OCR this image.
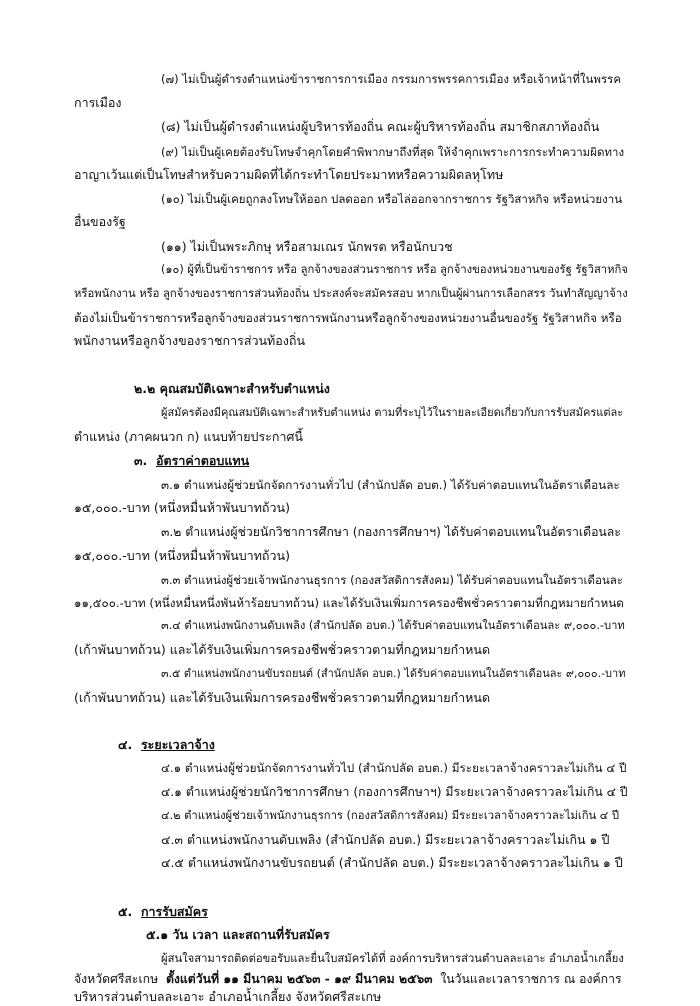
(๗) ไม่เป็นผู้ดำรงตำแหน่งข้าราชการการเมือง กรรมการพรรคการเมือง หรือเจ้าหน้าที่ในพรรค
การเมือง
(๘) ไม่เป็นผู้ดำรงตำแหน่งผู้บริหารท้องถิ่น คณะผู้บริหารท้องถิ่น สมาชิกสภาท้องถิ่น
(๙) ไม่เป็นผู้เคยต้องรับโทษจำคุกโดยคำพิพากษาถึงที่สุด ให้จำคุกเพราะการกระทำความผิดทาง
อาญาเว้นแต่เป็นโทษสำหรับความผิดที่ได้กระทำโดยประมาทหรือความผิดลหุโทษ
(๑๐) ไม่เป็นผู้เคยถูกลงโทษให้ออก ปลดออก หรือไล่ออกจากราชการ รัฐวิสาหกิจ หรือหน่วยงาน
อื่นของรัฐ
(๑๑) ไม่เป็นพระภิกษุ หรือสามเณร นักพรต หรือนักบวช
(๑๐) ผู้ที่เป็นข้าราชการ หรือ ลูกจ้างของส่วนราชการ หรือ ลูกจ้างของหน่วยงานของรัฐ รัฐวิสาหกิจ
หรือพนักงาน หรือ ลูกจ้างของราชการส่วนท้องถิ่น ประสงค์จะสมัครสอบ หากเป็นผู้ผ่านการเลือกสรร วันทำสัญญาจ้าง
ต้องไม่เป็นข้าราชการหรือลูกจ้างของส่วนราชการพนักงานหรือลูกจ้างของหน่วยงานอื่นของรัฐ รัฐวิสาหกิจ หรือ
พนักงานหรือลูกจ้างของราชการส่วนท้องถิ่น
๒.๒ คุณสมบัติเฉพาะสำหรับตำแหน่ง
ผู้สมัครต้องมีคุณสมบัติเฉพาะสำหรับตำแหน่ง ตามที่ระบุไว้ในรายละเอียดเกี่ยวกับการรับสมัครแต่ละ
ตำแหน่ง (ภาคผนวก ก) แนบท้ายประกาศนี้
๓. อัตราค่าตอบแทน
๓.๑ ตำแหน่งผู้ช่วยนักจัดการงานทั่วไป (สำนักปลัด อบต.) ได้รับค่าตอบแทนในอัตราเดือนละ
๑๕,๐๐๐.-บาท (หนึ่งหมื่นห้าพันบาทถ้วน)
๓.๒ ตำแหน่งผู้ช่วยนักวิชาการศึกษา (กองการศึกษาฯ) ได้รับค่าตอบแทนในอัตราเดือนละ
๑๕,๐๐๐.-บาท (หนึ่งหมื่นห้าพันบาทถ้วน)
๓.๓ ตำแหน่งผู้ช่วยเจ้าพนักงานธุรการ (กองสวัสดิการสังคม) ได้รับค่าตอบแทนในอัตราเดือนละ
๑๑,๕๐๐.-บาท (หนึ่งหมื่นหนึ่งพันห้าร้อยบาทถ้วน) และได้รับเงินเพิ่มการครองชีพชั่วคราวตามที่กฎหมายกำหนด
๓.๔ ตำแหน่งพนักงานดับเพลิง (สำนักปลัด อบต.) ได้รับค่าตอบแทนในอัตราเดือนละ ๙,๐๐๐.-บาท
(เก้าพันบาทถ้วน) และได้รับเงินเพิ่มการครองชีพชั่วคราวตามที่กฎหมายกำหนด
๓.๕ ตำแหน่งพนักงานขับรถยนต์ (สำนักปลัด อบต.) ได้รับค่าตอบแทนในอัตราเดือนละ ๙,๐๐๐.-บาท
(เก้าพันบาทถ้วน) และได้รับเงินเพิ่มการครองชีพชั่วคราวตามที่กฎหมายกำหนด
๔. ระยะเวลาจ้าง
๔.๑ ตำแหน่งผู้ช่วยนักจัดการงานทั่วไป (สำนักปลัด อบต.) มีระยะเวลาจ้างคราวละไม่เกิน ๔ ปี
๔.๑ ตำแหน่งผู้ช่วยนักวิชาการศึกษา (กองการศึกษาฯ) มีระยะเวลาจ้างคราวละไม่เกิน ๔ ปี
๔.๒ ตำแหน่งผู้ช่วยเจ้าพนักงานธุรการ (กองสวัสดิการสังคม) มีระยะเวลาจ้างคราวละไม่เกิน ๔ ปี
๔.๓ ตำแหน่งพนักงานดับเพลิง (สำนักปลัด อบต.) มีระยะเวลาจ้างคราวละไม่เกิน ๑ ปี
๔.๕ ตำแหน่งพนักงานขับรถยนต์ (สำนักปลัด อบต.) มีระยะเวลาจ้างคราวละไม่เกิน ๑ ปี
๕. การรับสมัคร
๕.๑ วัน เวลา และสถานที่รับสมัคร
ผู้สนใจสามารถติดต่อขอรับและยื่นใบสมัครได้ที่ องค์การบริหารส่วนตำบลละเอาะ อำเภอน้ำเกลี้ยง
จังหวัดศรีสะเกษ ตั้งแต่วันที่ ๑๑ มีนาคม ๒๕๖๓ - ๑๙ มีนาคม ๒๕๖๓ ในวันและเวลาราชการ ณ องค์การ
บริหารส่วนตำบลละเอาะ อำเภอน้ำเกลี้ยง จังหวัดศรีสะเกษ
